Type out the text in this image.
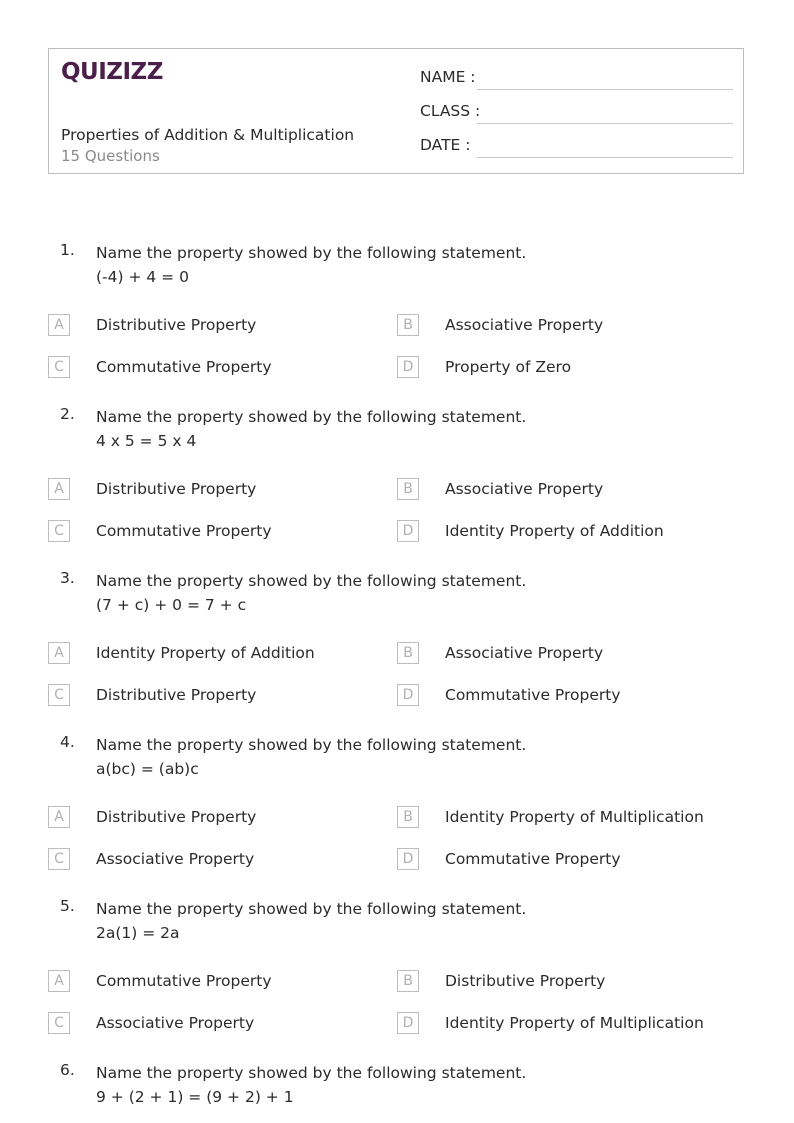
QUIZIZZ
Properties of Addition & Multiplication
15 Questions
NAME :
CLASS :
DATE :
1. Name the property showed by the following statement.
(-4) + 4 = 0
A	Distributive Property	B	Associative Property
C	Commutative Property	D	Property of Zero
2. Name the property showed by the following statement.
4 x 5 = 5 x 4
A	Distributive Property	B	Associative Property
C	Commutative Property	D	Identity Property of Addition
3. Name the property showed by the following statement.
(7 + c) + 0 = 7 + c
A	Identity Property of Addition	B	Associative Property
C	Distributive Property	D	Commutative Property
4. Name the property showed by the following statement.
a(bc) = (ab)c
A	Distributive Property	B	Identity Property of Multiplication
C	Associative Property	D	Commutative Property
5. Name the property showed by the following statement.
2a(1) = 2a
A	Commutative Property	B	Distributive Property
C	Associative Property	D	Identity Property of Multiplication
6. Name the property showed by the following statement.
9 + (2 + 1) = (9 + 2) + 1
